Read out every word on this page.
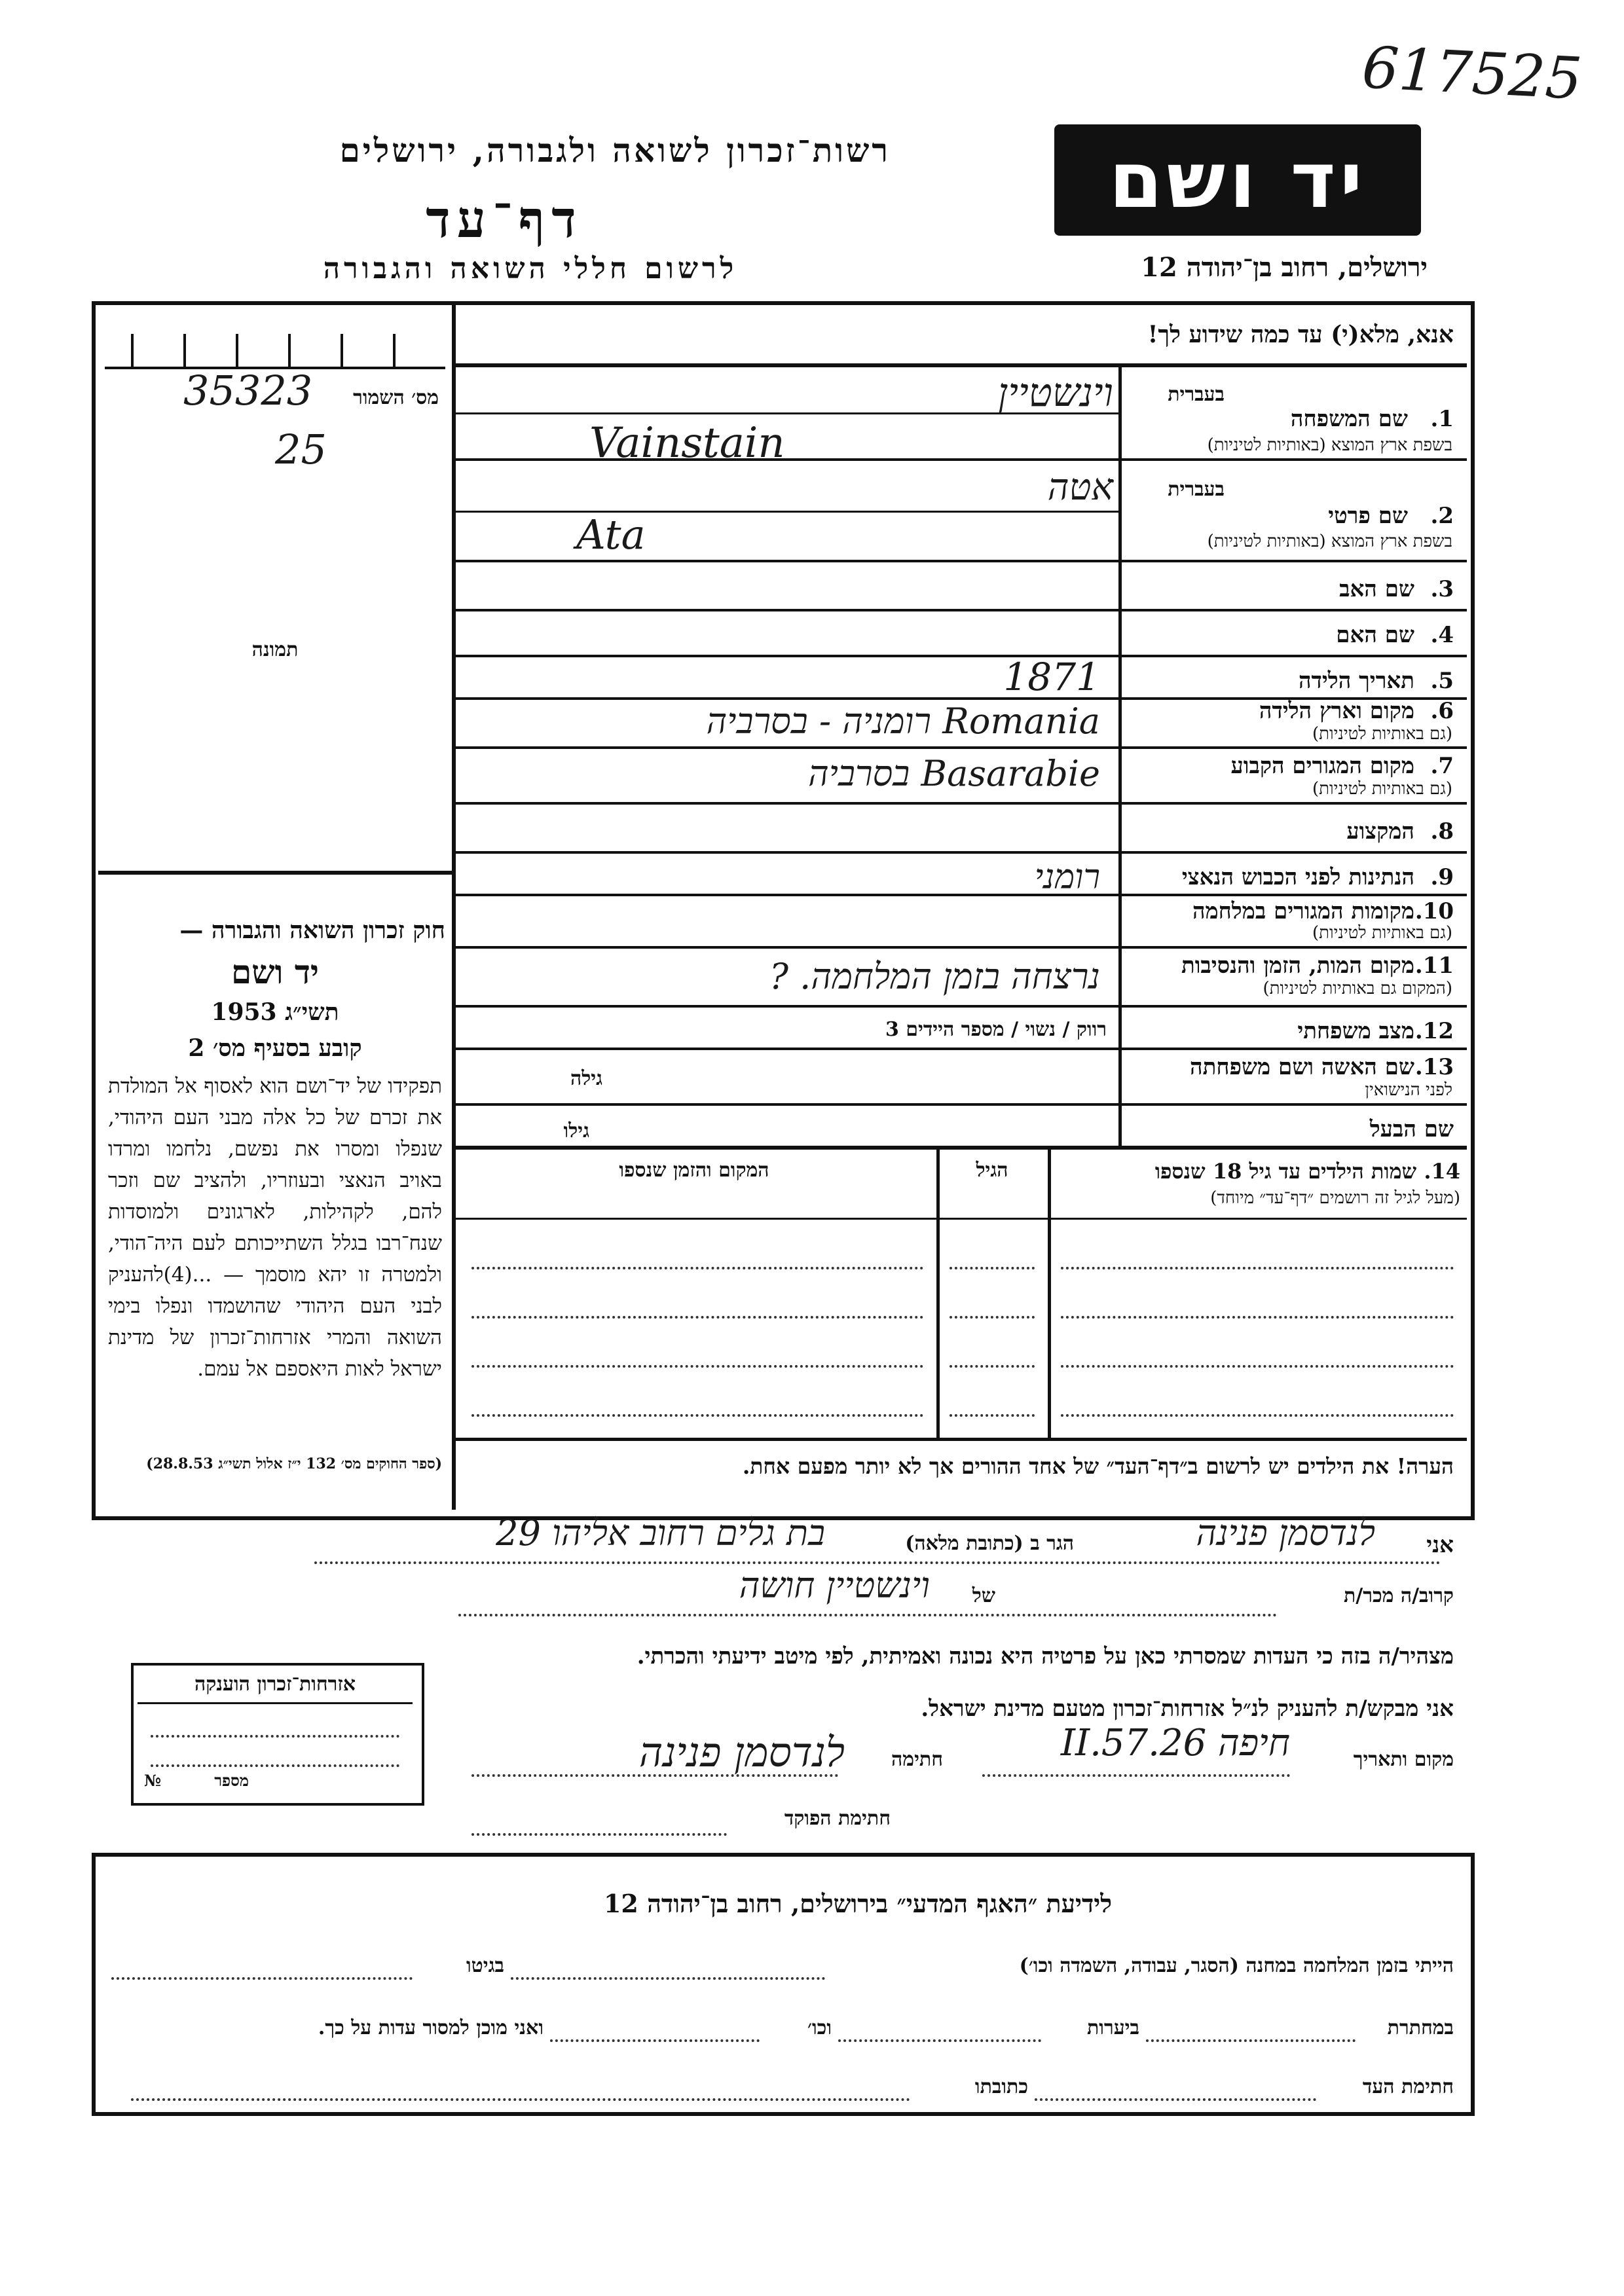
617525
רשות־זכרון לשואה ולגבורה, ירושלים
דף־עד
לרשום חללי השואה והגבורה
יד ושם
ירושלים, רחוב בן־יהודה 12
מס׳ השמור
35323
25
תמונה
חוק זכרון השואה והגבורה —
יד ושם
תשי״ג 1953
קובע בסעיף מס׳ 2
תפקידו של יד־ושם הוא לאסוף אל המולדת את זכרם של כל אלה מבני העם היהודי, שנפלו ומסרו את נפשם, נלחמו ומרדו באויב הנאצי ובעוזריו, ולהציב שם וזכר להם, לקהילות, לארגונים ולמוסדות שנח־רבו בגלל השתייכותם לעם היה־הודי, ולמטרה זו יהא מוסמך — ...(4)להעניק לבני העם היהודי שהושמדו ונפלו בימי השואה והמרי אזרחות־זכרון של מדינת ישראל לאות היאספם אל עמם.
(ספר החוקים מס׳ 132 י״ז אלול תשי״ג 28.8.53)
אנא, מלא(י) עד כמה שידוע לך!
1.
שם המשפחה
בשפת ארץ המוצא (באותיות לטיניות)
בעברית
וינשטיין
Vainstain
2.
שם פרטי
בשפת ארץ המוצא (באותיות לטיניות)
בעברית
אטה
Ata
3.
שם האב
4.
שם האם
5.
תאריך הלידה
1871
6.
מקום וארץ הלידה
(גם באותיות לטיניות)
Romania רומניה - בסרביה
7.
מקום המגורים הקבוע
(גם באותיות לטיניות)
Basarabie בסרביה
8.
המקצוע
9.
הנתינות לפני הכבוש הנאצי
רומני
10.
מקומות המגורים במלחמה
(גם באותיות לטיניות)
11.
מקום המות, הזמן והנסיבות
(המקום גם באותיות לטיניות)
נרצחה בזמן המלחמה. ?
12.
מצב משפחתי
רווק / נשוי / מספר היידים 3
13.
שם האשה ושם משפחתה
לפני הנישואין
גילה
שם הבעל
גילו
14. שמות הילדים עד גיל 18 שנספו
(מעל לגיל זה רושמים ״דף־עד״ מיוחד)
הגיל
המקום והזמן שנספו
הערה! את הילדים יש לרשום ב״דף־העד״ של אחד ההורים אך לא יותר מפעם אחת.
אני
לנדסמן פנינה
הגר ב (כתובת מלאה)
בת גלים רחוב אליהו 29
קרוב/ה מכר/ת
של
וינשטיין חושה
מצהיר/ה בזה כי העדות שמסרתי כאן על פרטיה היא נכונה ואמיתית, לפי מיטב ידיעתי והכרתי.
אני מבקש/ת להעניק לנ״ל אזרחות־זכרון מטעם מדינת ישראל.
מקום ותאריך
חיפה 26.II.57
חתימה
לנדסמן פנינה
חתימת הפוקד
אזרחות־זכרון הוענקה
מספר
№
לידיעת ״האגף המדעי״ בירושלים, רחוב בן־יהודה 12
הייתי בזמן המלחמה במחנה (הסגר, עבודה, השמדה וכו׳)
בגיטו
במחתרת
ביערות
וכו׳
ואני מוכן למסור עדות על כך.
חתימת העד
כתובתו
